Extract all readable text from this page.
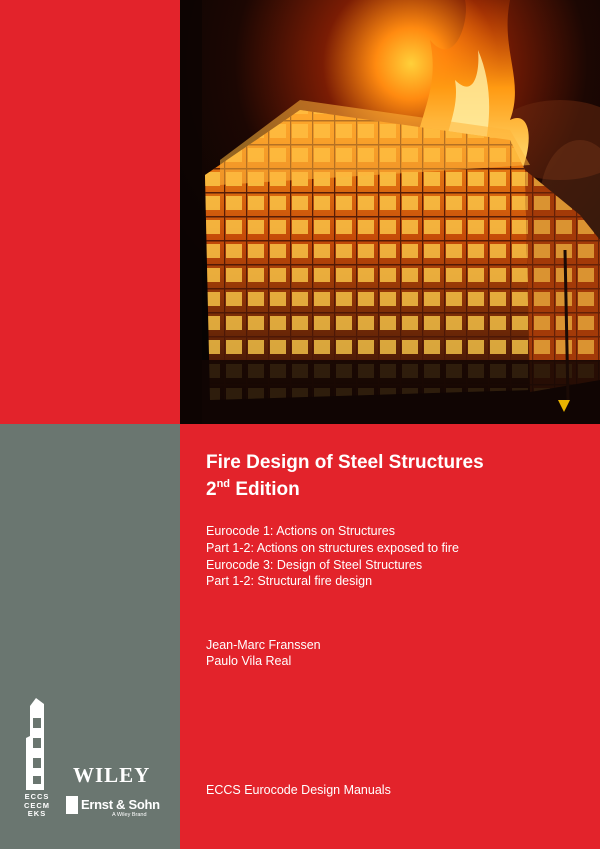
Fire Design of Steel Structures
2nd Edition
Eurocode 1: Actions on Structures
Part 1-2: Actions on structures exposed to fire
Eurocode 3: Design of Steel Structures
Part 1-2: Structural fire design
Jean-Marc Franssen
Paulo Vila Real
ECCS Eurocode Design Manuals
ECCS
CECM
EKS
WILEY
Ernst & Sohn
A Wiley Brand
